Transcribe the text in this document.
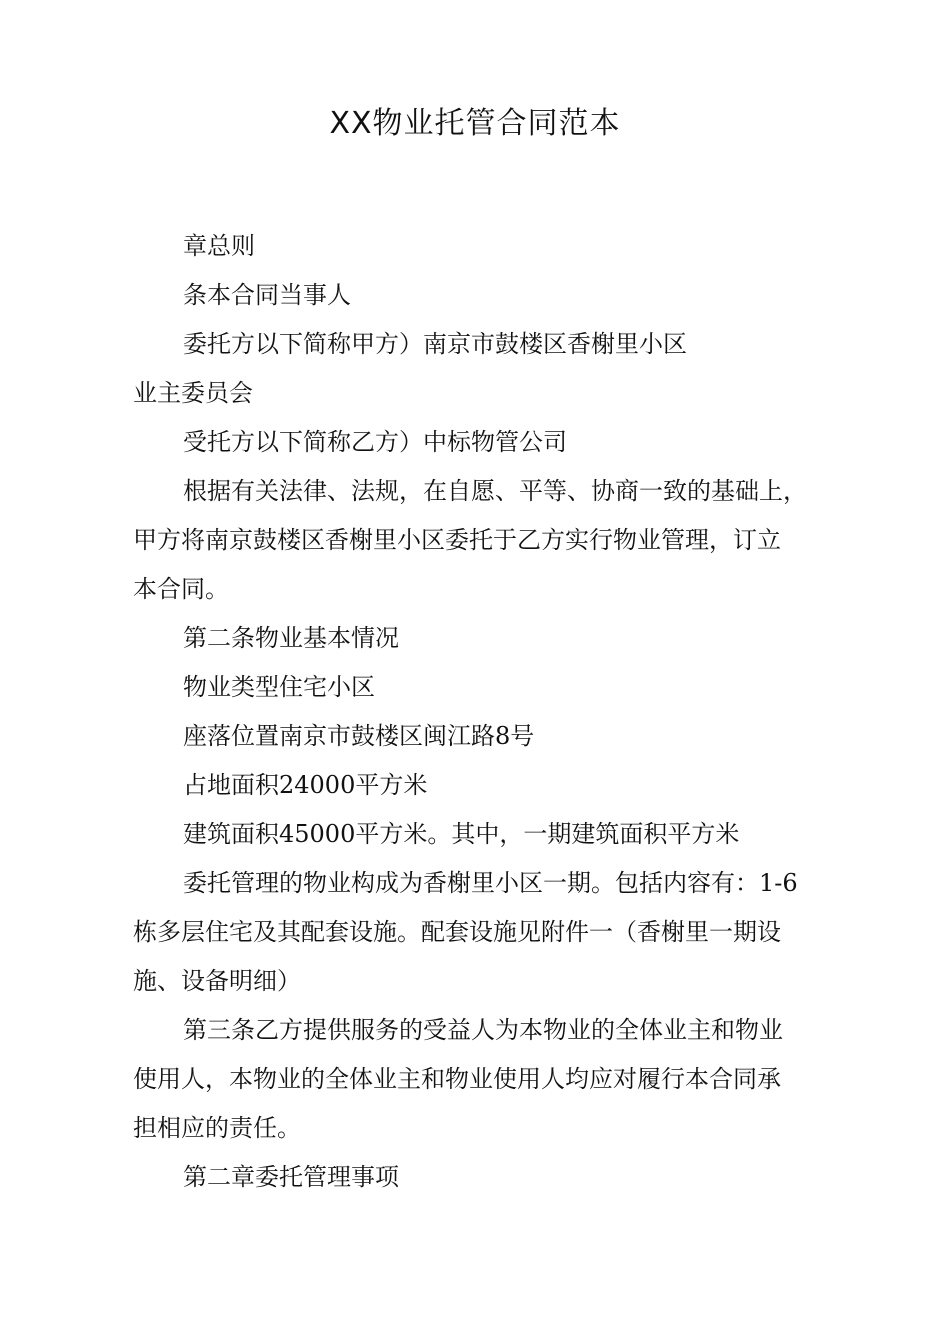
XX物业托管合同范本

章总则

条本合同当事人

委托方以下简称甲方）南京市鼓楼区香榭里小区

业主委员会

受托方以下简称乙方）中标物管公司

根据有关法律、法规，在自愿、平等、协商一致的基础上，

甲方将南京鼓楼区香榭里小区委托于乙方实行物业管理，订立

本合同。

第二条物业基本情况

物业类型住宅小区

座落位置南京市鼓楼区闽江路8号

占地面积24000平方米

建筑面积45000平方米。其中，一期建筑面积平方米

委托管理的物业构成为香榭里小区一期。包括内容有：1-6

栋多层住宅及其配套设施。配套设施见附件一（香榭里一期设

施、设备明细）

第三条乙方提供服务的受益人为本物业的全体业主和物业

使用人，本物业的全体业主和物业使用人均应对履行本合同承

担相应的责任。

第二章委托管理事项
